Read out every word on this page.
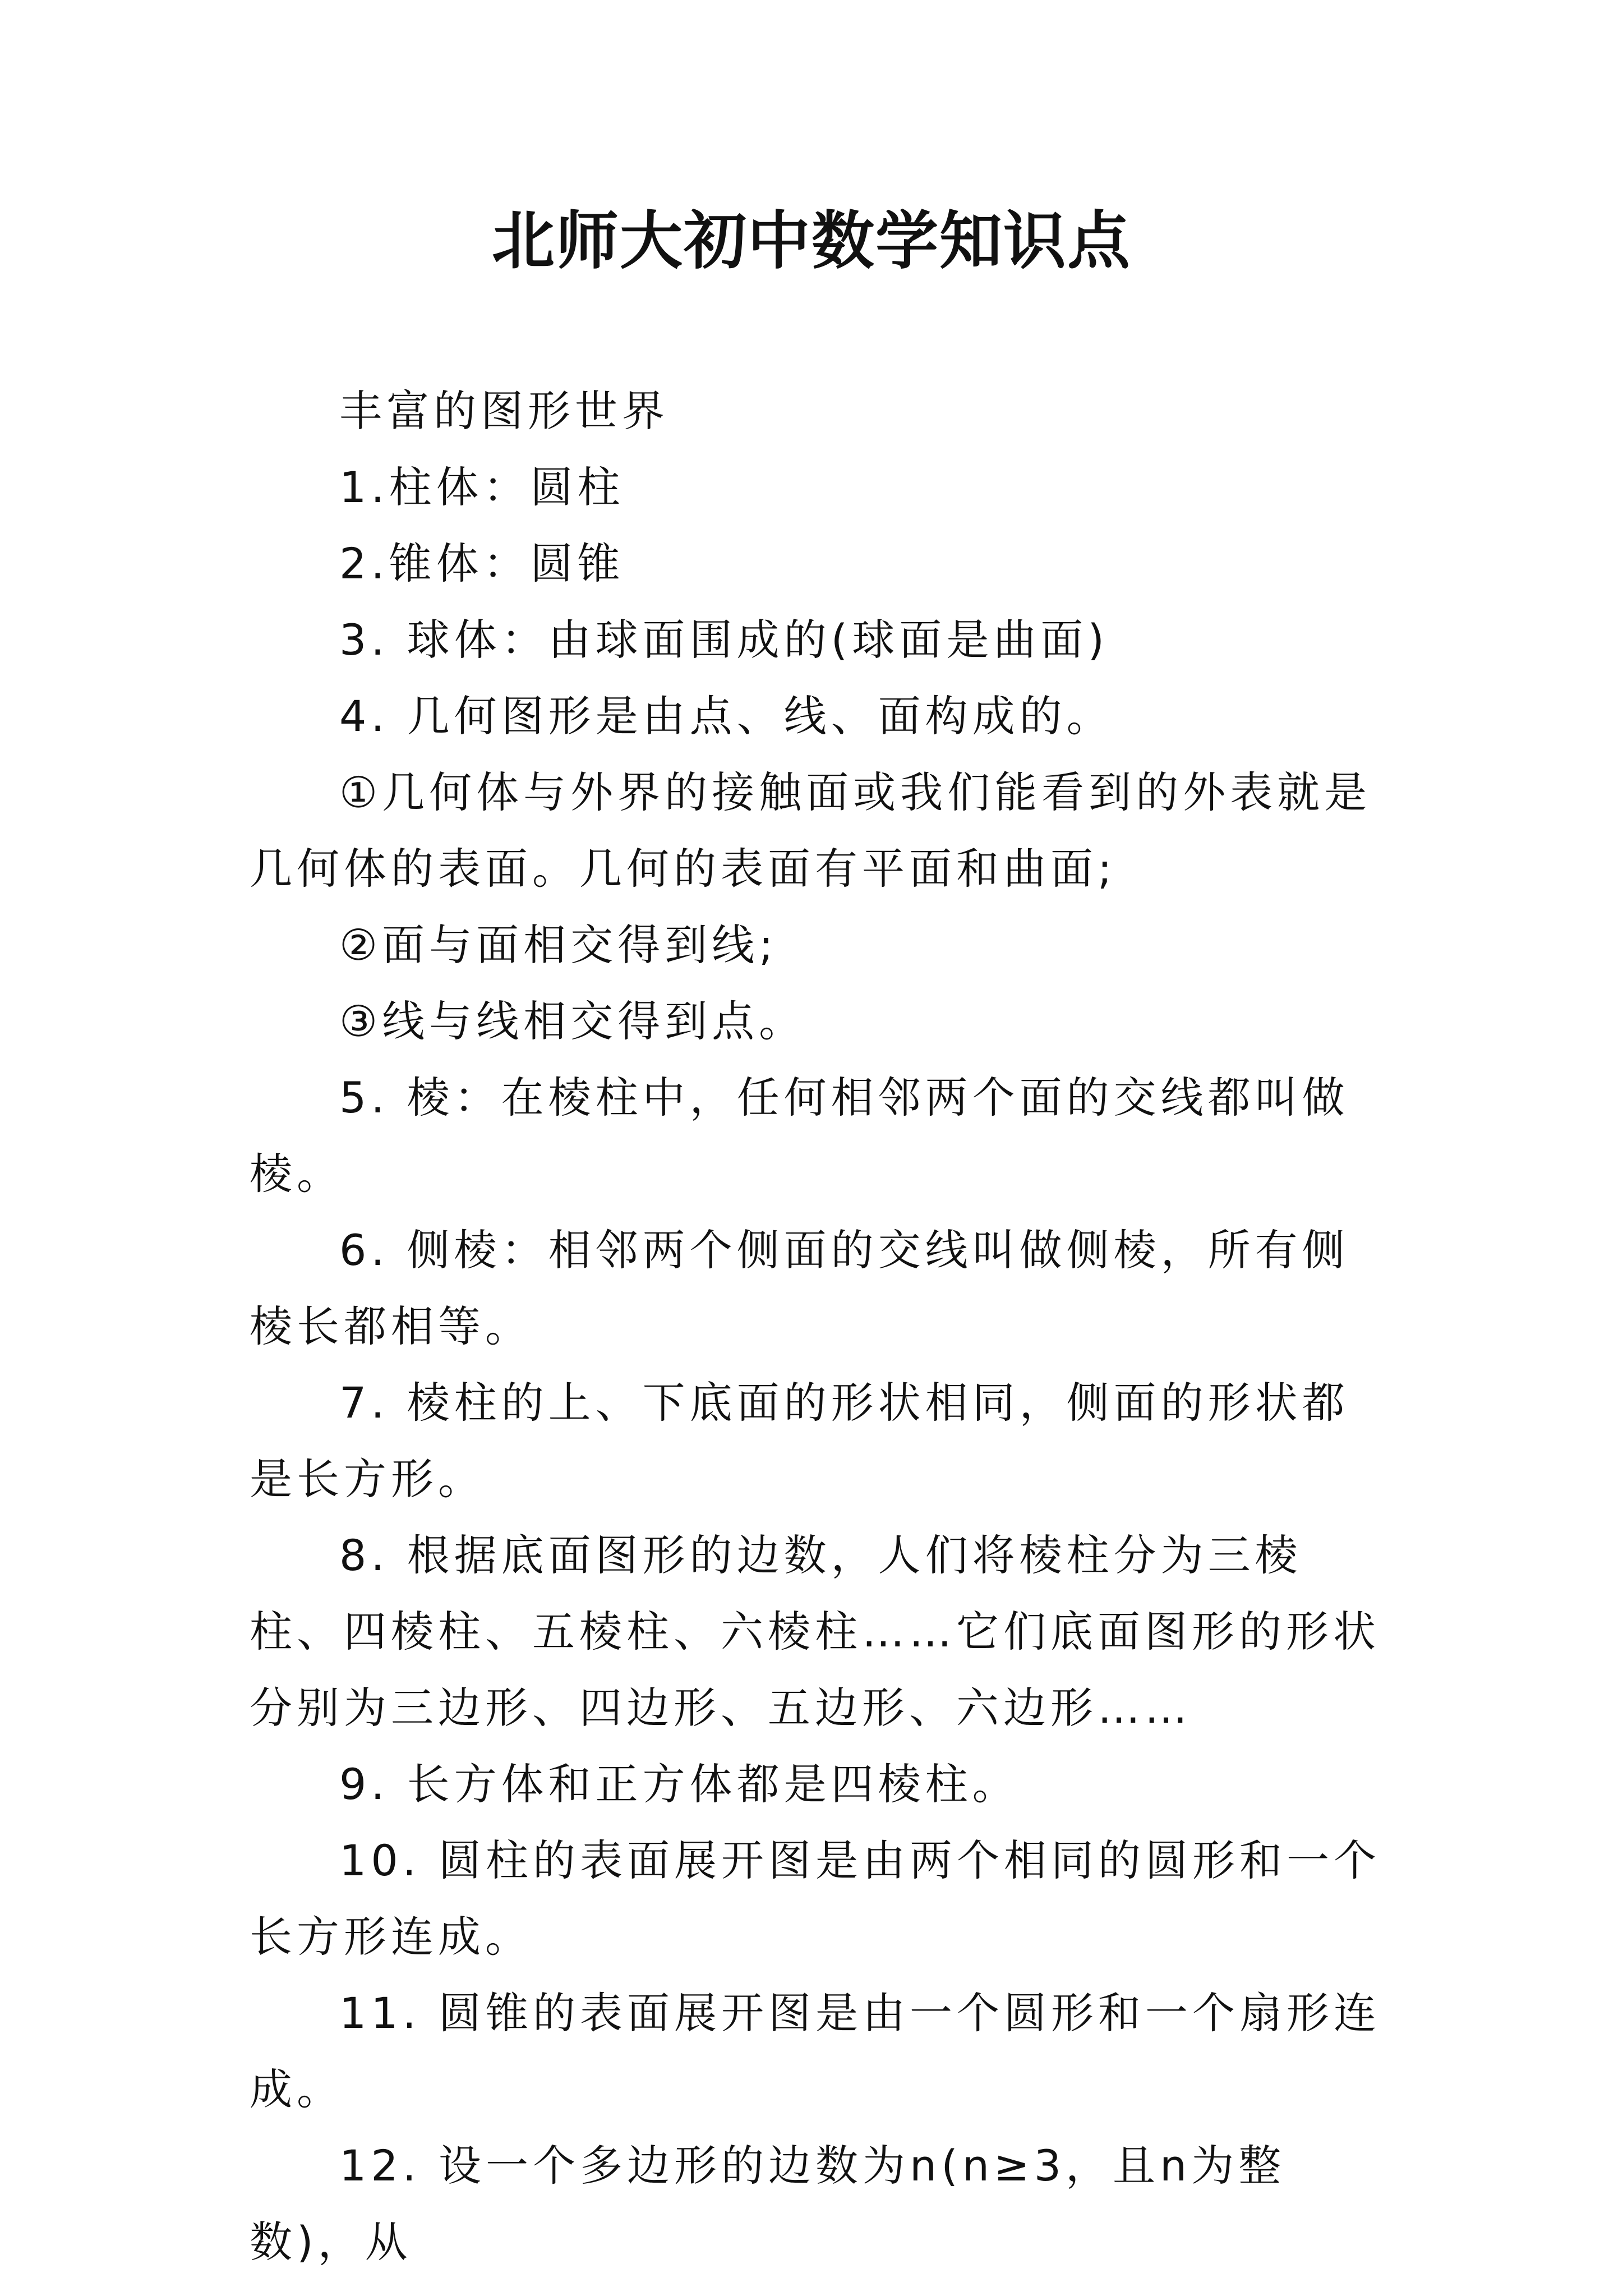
北师大初中数学知识点

丰富的图形世界

1.柱体：圆柱

2.锥体：圆锥

3. 球体：由球面围成的(球面是曲面)

4. 几何图形是由点、线、面构成的。

①几何体与外界的接触面或我们能看到的外表就是几何体的表面。几何的表面有平面和曲面;

②面与面相交得到线;

③线与线相交得到点。

5. 棱：在棱柱中，任何相邻两个面的交线都叫做棱。

6. 侧棱：相邻两个侧面的交线叫做侧棱，所有侧棱长都相等。

7. 棱柱的上、下底面的形状相同，侧面的形状都是长方形。

8. 根据底面图形的边数，人们将棱柱分为三棱柱、四棱柱、五棱柱、六棱柱……它们底面图形的形状分别为三边形、四边形、五边形、六边形……

9. 长方体和正方体都是四棱柱。

10. 圆柱的表面展开图是由两个相同的圆形和一个长方形连成。

11. 圆锥的表面展开图是由一个圆形和一个扇形连成。

12. 设一个多边形的边数为n(n≥3，且n为整数)，从
